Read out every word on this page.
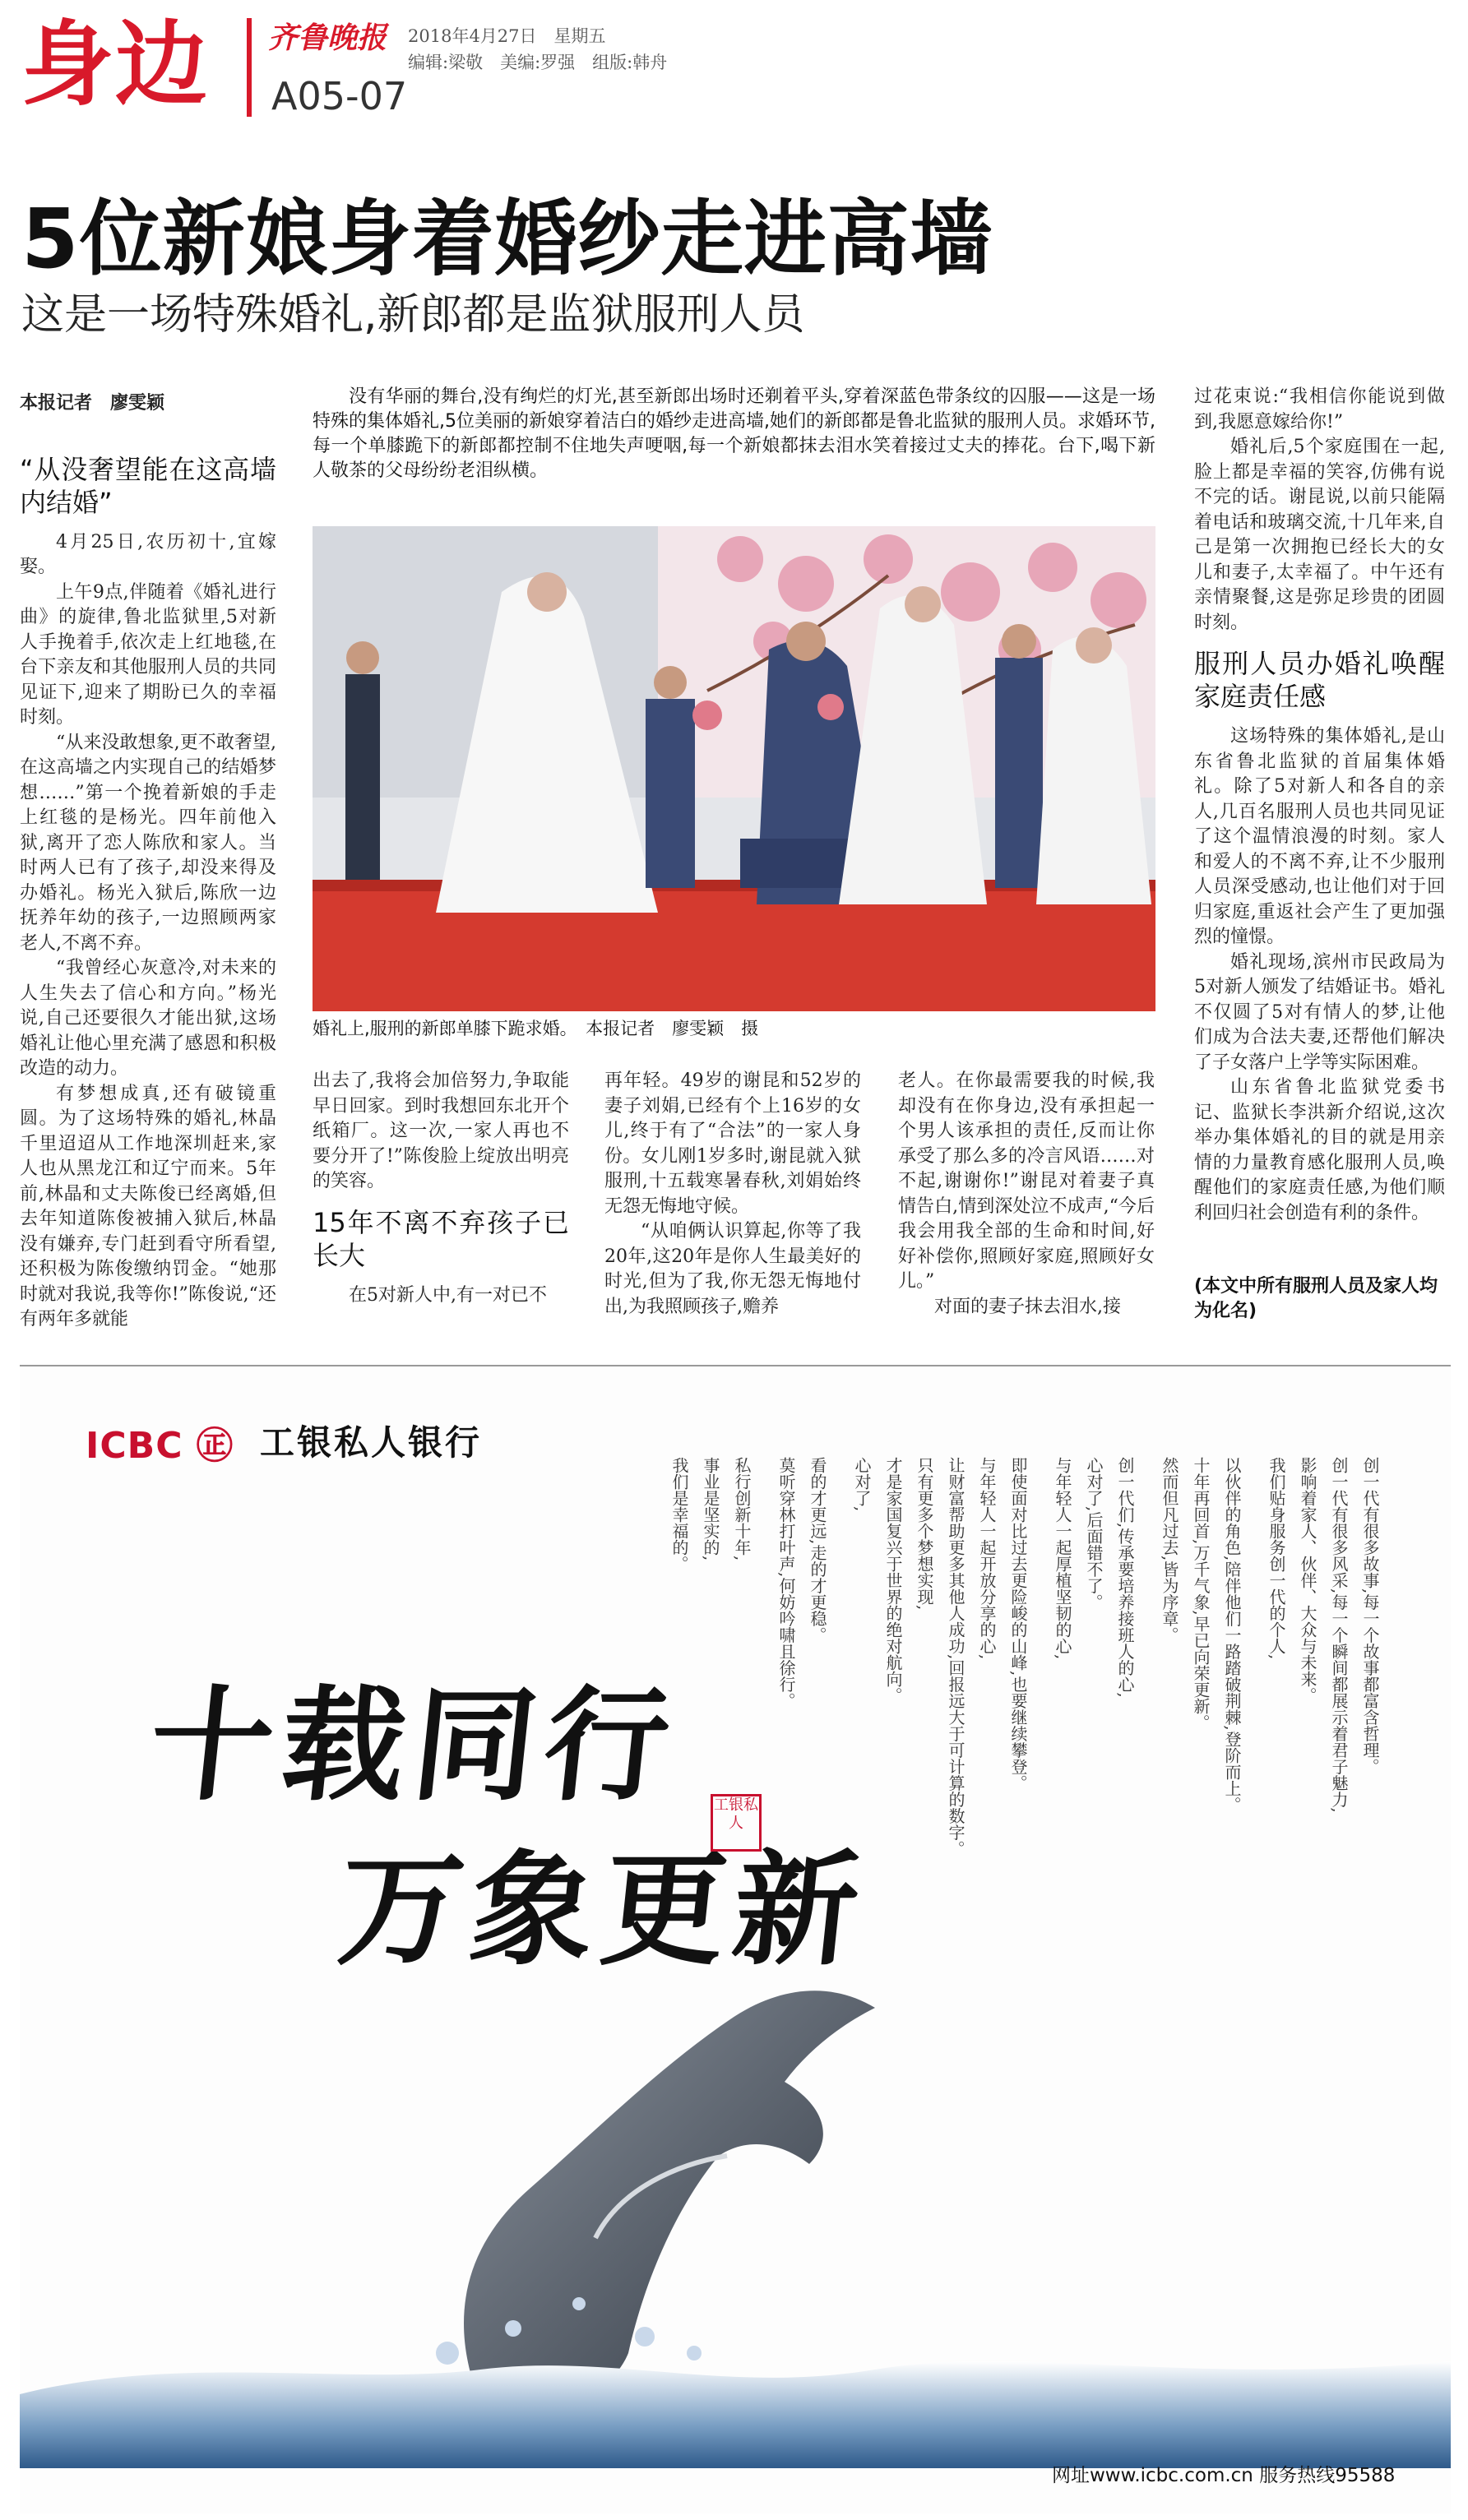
身边 齐鲁晚报 2018年4月27日　星期五
编辑:梁敬　美编:罗强　组版:韩舟
A05-07
5位新娘身着婚纱走进高墙
这是一场特殊婚礼,新郎都是监狱服刑人员
本报记者　廖雯颖
“从没奢望能在这高墙内结婚”

4月25日,农历初十,宜嫁娶。

上午9点,伴随着《婚礼进行曲》的旋律,鲁北监狱里,5对新人手挽着手,依次走上红地毯,在台下亲友和其他服刑人员的共同见证下,迎来了期盼已久的幸福时刻。

“从来没敢想象,更不敢奢望,在这高墙之内实现自己的结婚梦想……”第一个挽着新娘的手走上红毯的是杨光。四年前他入狱,离开了恋人陈欣和家人。当时两人已有了孩子,却没来得及办婚礼。杨光入狱后,陈欣一边抚养年幼的孩子,一边照顾两家老人,不离不弃。

“我曾经心灰意冷,对未来的人生失去了信心和方向。”杨光说,自己还要很久才能出狱,这场婚礼让他心里充满了感恩和积极改造的动力。

有梦想成真,还有破镜重圆。为了这场特殊的婚礼,林晶千里迢迢从工作地深圳赶来,家人也从黑龙江和辽宁而来。5年前,林晶和丈夫陈俊已经离婚,但去年知道陈俊被捕入狱后,林晶没有嫌弃,专门赶到看守所看望,还积极为陈俊缴纳罚金。“她那时就对我说,我等你!”陈俊说,“还有两年多就能

没有华丽的舞台,没有绚烂的灯光,甚至新郎出场时还剃着平头,穿着深蓝色带条纹的囚服——这是一场特殊的集体婚礼,5位美丽的新娘穿着洁白的婚纱走进高墙,她们的新郎都是鲁北监狱的服刑人员。求婚环节,每一个单膝跪下的新郎都控制不住地失声哽咽,每一个新娘都抹去泪水笑着接过丈夫的捧花。台下,喝下新人敬茶的父母纷纷老泪纵横。
婚礼上,服刑的新郎单膝下跪求婚。　本报记者　廖雯颖　摄

出去了,我将会加倍努力,争取能早日回家。到时我想回东北开个纸箱厂。这一次,一家人再也不要分开了!”陈俊脸上绽放出明亮的笑容。

15年不离不弃孩子已长大

在5对新人中,有一对已不

再年轻。49岁的谢昆和52岁的妻子刘娟,已经有个上16岁的女儿,终于有了“合法”的一家人身份。女儿刚1岁多时,谢昆就入狱服刑,十五载寒暑春秋,刘娟始终无怨无悔地守候。

“从咱俩认识算起,你等了我20年,这20年是你人生最美好的时光,但为了我,你无怨无悔地付出,为我照顾孩子,赡养

老人。在你最需要我的时候,我却没有在你身边,没有承担起一个男人该承担的责任,反而让你承受了那么多的冷言风语……对不起,谢谢你!”谢昆对着妻子真情告白,情到深处泣不成声,“今后我会用我全部的生命和时间,好好补偿你,照顾好家庭,照顾好女儿。”

对面的妻子抹去泪水,接

过花束说:“我相信你能说到做到,我愿意嫁给你!”

婚礼后,5个家庭围在一起,脸上都是幸福的笑容,仿佛有说不完的话。谢昆说,以前只能隔着电话和玻璃交流,十几年来,自己是第一次拥抱已经长大的女儿和妻子,太幸福了。中午还有亲情聚餐,这是弥足珍贵的团圆时刻。

服刑人员办婚礼唤醒家庭责任感

这场特殊的集体婚礼,是山东省鲁北监狱的首届集体婚礼。除了5对新人和各自的亲人,几百名服刑人员也共同见证了这个温情浪漫的时刻。家人和爱人的不离不弃,让不少服刑人员深受感动,也让他们对于回归家庭,重返社会产生了更加强烈的憧憬。

婚礼现场,滨州市民政局为5对新人颁发了结婚证书。婚礼不仅圆了5对有情人的梦,让他们成为合法夫妻,还帮他们解决了子女落户上学等实际困难。

山东省鲁北监狱党委书记、监狱长李洪新介绍说,这次举办集体婚礼的目的就是用亲情的力量教育感化服刑人员,唤醒他们的家庭责任感,为他们顺利回归社会创造有利的条件。

(本文中所有服刑人员及家人均为化名)
ICBC ㊣ 工银私人银行
创一代有很多故事,每一个故事都富含哲理。
创一代有很多风采,每一个瞬间都展示着君子魅力,
影响着家人、伙伴、大众与未来。
我们贴身服务创一代的个人,
以伙伴的角色,陪伴他们一路踏破荆棘,登阶而上。
十年再回首,万千气象,早已向荣更新。
然而但凡过去,皆为序章。
创一代们,传承要培养接班人的心,
心对了,后面错不了。
与年轻人一起厚植坚韧的心,
即使面对比过去更险峻的山峰,也要继续攀登。
与年轻人一起开放分享的心,
让财富帮助更多其他人成功,回报远大于可计算的数字。
只有更多个梦想实现,
才是家国复兴于世界的绝对航向。
心对了,
看的才更远,走的才更稳。
莫听穿林打叶声,何妨吟啸且徐行。
私行创新十年,
事业是坚实的,
我们是幸福的。
十载同行
万象更新
工银私人
网址www.icbc.com.cn 服务热线95588
